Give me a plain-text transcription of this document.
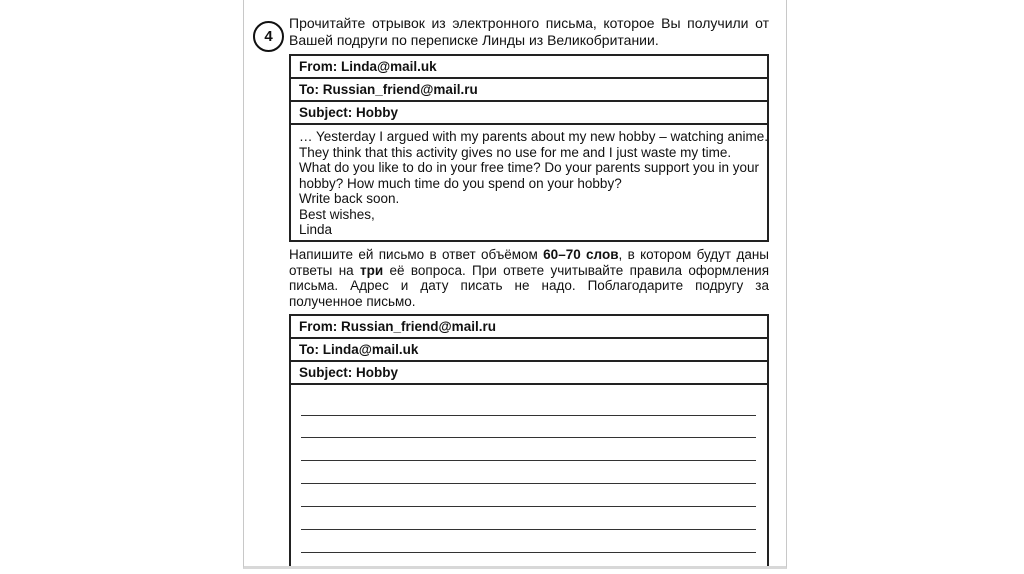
4
Прочитайте отрывок из электронного письма, которое Вы получили от Вашей подруги по переписке Линды из Великобритании.
From: Linda@mail.uk
To: Russian_friend@mail.ru
Subject: Hobby
… Yesterday I argued with my parents about my new hobby – watching anime.
They think that this activity gives no use for me and I just waste my time.
What do you like to do in your free time? Do your parents support you in your
hobby? How much time do you spend on your hobby?
Write back soon.
Best wishes,
Linda
Напишите ей письмо в ответ объёмом 60–70 слов, в котором будут даны ответы на три её вопроса. При ответе учитывайте правила оформления письма. Адрес и дату писать не надо. Поблагодарите подругу за полученное письмо.
From: Russian_friend@mail.ru
To: Linda@mail.uk
Subject: Hobby
